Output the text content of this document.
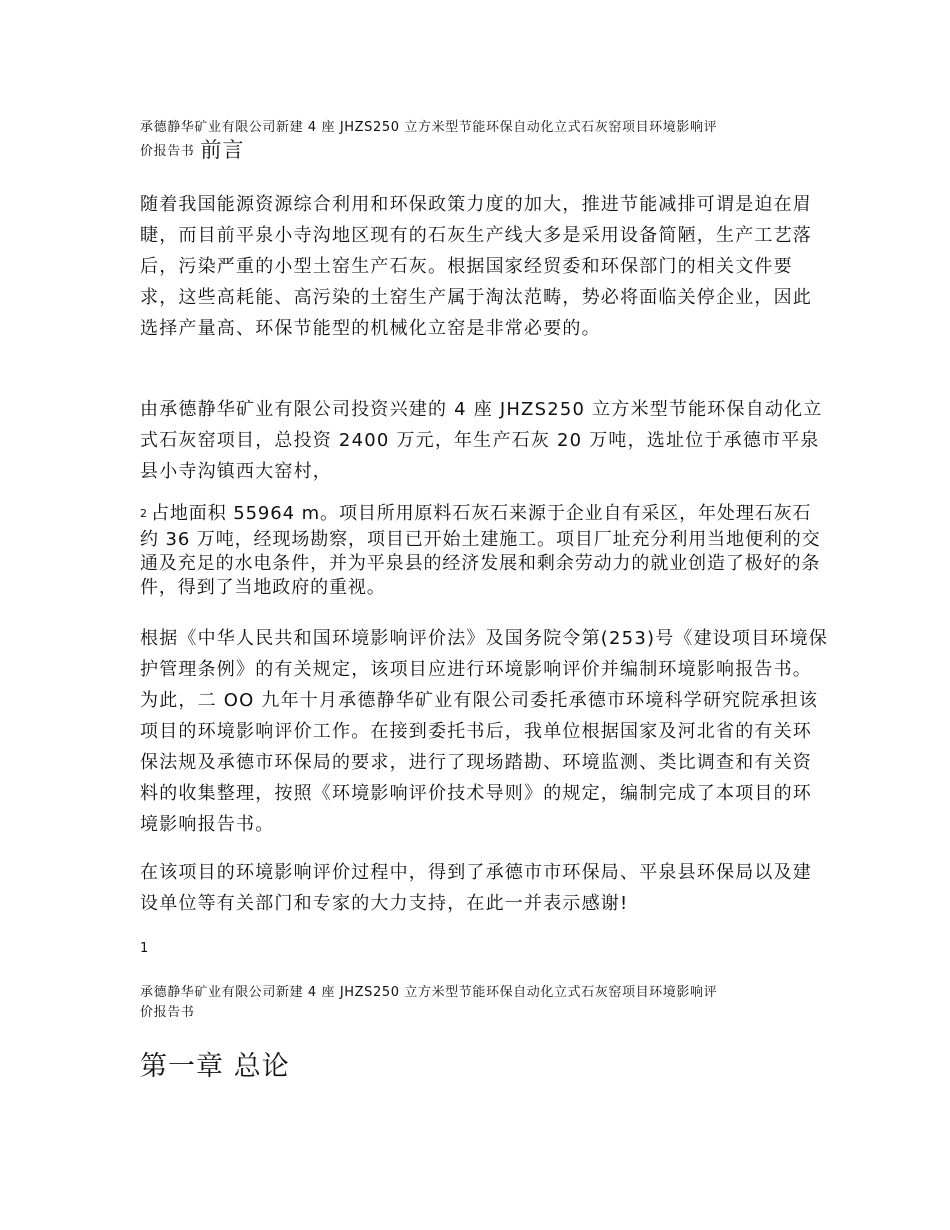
承德静华矿业有限公司新建 4 座 JHZS250 立方米型节能环保自动化立式石灰窑项目环境影响评
价报告书 前言

随着我国能源资源综合利用和环保政策力度的加大，推进节能减排可谓是迫在眉睫，而目前平泉小寺沟地区现有的石灰生产线大多是采用设备简陋，生产工艺落后，污染严重的小型土窑生产石灰。根据国家经贸委和环保部门的相关文件要求，这些高耗能、高污染的土窑生产属于淘汰范畴，势必将面临关停企业，因此选择产量高、环保节能型的机械化立窑是非常必要的。

由承德静华矿业有限公司投资兴建的 4 座 JHZS250 立方米型节能环保自动化立式石灰窑项目，总投资 2400 万元，年生产石灰 20 万吨，选址位于承德市平泉县小寺沟镇西大窑村，

2 占地面积 55964 m。项目所用原料石灰石来源于企业自有采区，年处理石灰石约 36 万吨，经现场勘察，项目已开始土建施工。项目厂址充分利用当地便利的交通及充足的水电条件，并为平泉县的经济发展和剩余劳动力的就业创造了极好的条件，得到了当地政府的重视。

根据《中华人民共和国环境影响评价法》及国务院令第(253)号《建设项目环境保护管理条例》的有关规定，该项目应进行环境影响评价并编制环境影响报告书。为此，二 OO 九年十月承德静华矿业有限公司委托承德市环境科学研究院承担该项目的环境影响评价工作。在接到委托书后，我单位根据国家及河北省的有关环保法规及承德市环保局的要求，进行了现场踏勘、环境监测、类比调查和有关资料的收集整理，按照《环境影响评价技术导则》的规定，编制完成了本项目的环境影响报告书。

在该项目的环境影响评价过程中，得到了承德市市环保局、平泉县环保局以及建设单位等有关部门和专家的大力支持，在此一并表示感谢!

1
承德静华矿业有限公司新建 4 座 JHZS250 立方米型节能环保自动化立式石灰窑项目环境影响评
价报告书
第一章 总论
